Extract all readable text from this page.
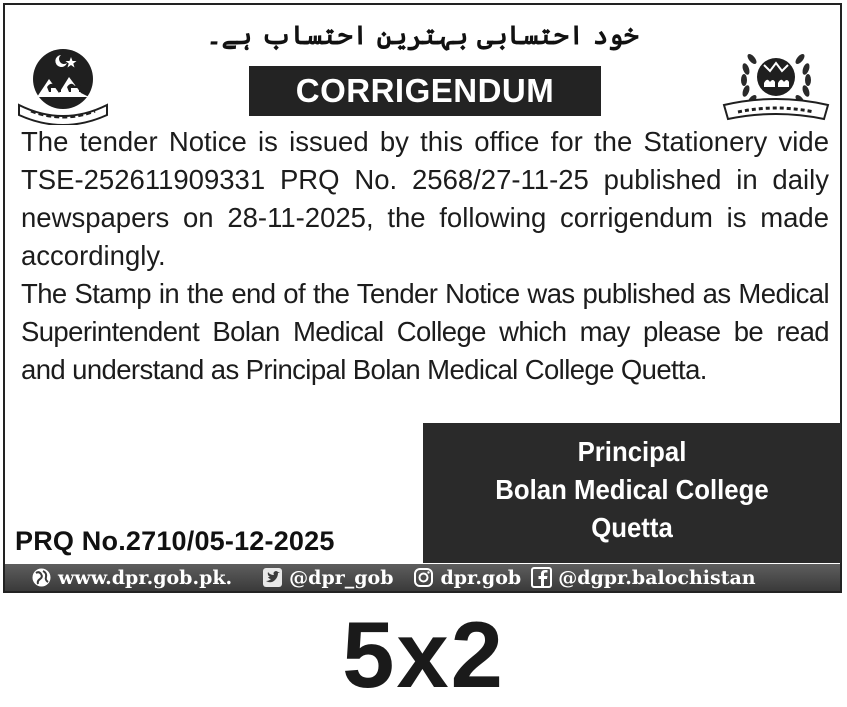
خود احتسابی بہترین احتساب ہے۔
CORRIGENDUM

The tender Notice is issued by this office for the Stationery vide TSE-252611909331 PRQ No. 2568/27-11-25 published in daily newspapers on 28-11-2025, the following corrigendum is made accordingly.

The Stamp in the end of the Tender Notice was published as Medical Superintendent Bolan Medical College which may please be read and understand as Principal Bolan Medical College Quetta.

Principal
Bolan Medical College
Quetta
PRQ No.2710/05-12-2025
www.dpr.gob.pk.	@dpr_gob dpr.gob @dgpr.balochistan
5x2
